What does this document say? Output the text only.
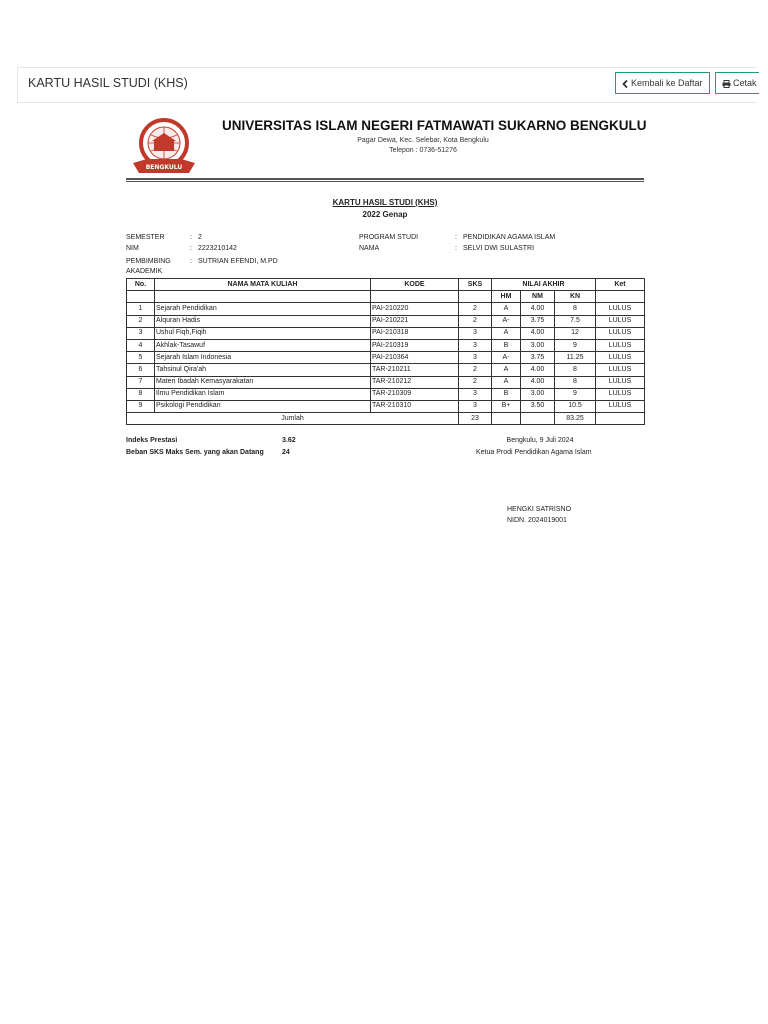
KARTU HASIL STUDI (KHS)	Kembali ke Daftar	Cetak
BENGKULU
UNIVERSITAS ISLAM NEGERI FATMAWATI SUKARNO BENGKULU
Pagar Dewa, Kec. Selebar, Kota Bengkulu
Telepon : 0736-51276
KARTU HASIL STUDI (KHS)
2022 Genap
SEMESTER	: 2
NIM	: 2223210142
PEMBIMBING
AKADEMIK
: SUTRIAN EFENDI, M.PD
PROGRAM STUDI	: PENDIDIKAN AGAMA ISLAM
NAMA	: SELVI DWI SULASTRI
No.	NAMA MATA KULIAH	KODE	SKS	NILAI AKHIR			Ket
				HM	NM	KN	
1	Sejarah Pendidikan	PAI-210220	2	A	4.00	8	LULUS
2	Alquran Hadis	PAI-210221	2	A-	3.75	7.5	LULUS
3	Ushul Fiqh,Fiqih	PAI-210318	3	A	4.00	12	LULUS
4	Akhlak-Tasawuf	PAI-210319	3	B	3.00	9	LULUS
5	Sejarah Islam Indonesia	PAI-210364	3	A-	3.75	11.25	LULUS
6	Tahsinul Qira'ah	TAR-210211	2	A	4.00	8	LULUS
7	Materi Ibadah Kemasyarakatan	TAR-210212	2	A	4.00	8	LULUS
8	Ilmu Pendidikan Islam	TAR-210309	3	B	3.00	9	LULUS
9	Psikologi Pendidikan	TAR-210310	3	B+	3.50	10.5	LULUS
Jumlah			23			83.25	
Indeks Prestasi	3.62
Beban SKS Maks Sem. yang akan Datang	24
Bengkulu, 9 Juli 2024
Ketua Prodi Pendidikan Agama Islam
HENGKI SATRISNO
NIDN. 2024019001
